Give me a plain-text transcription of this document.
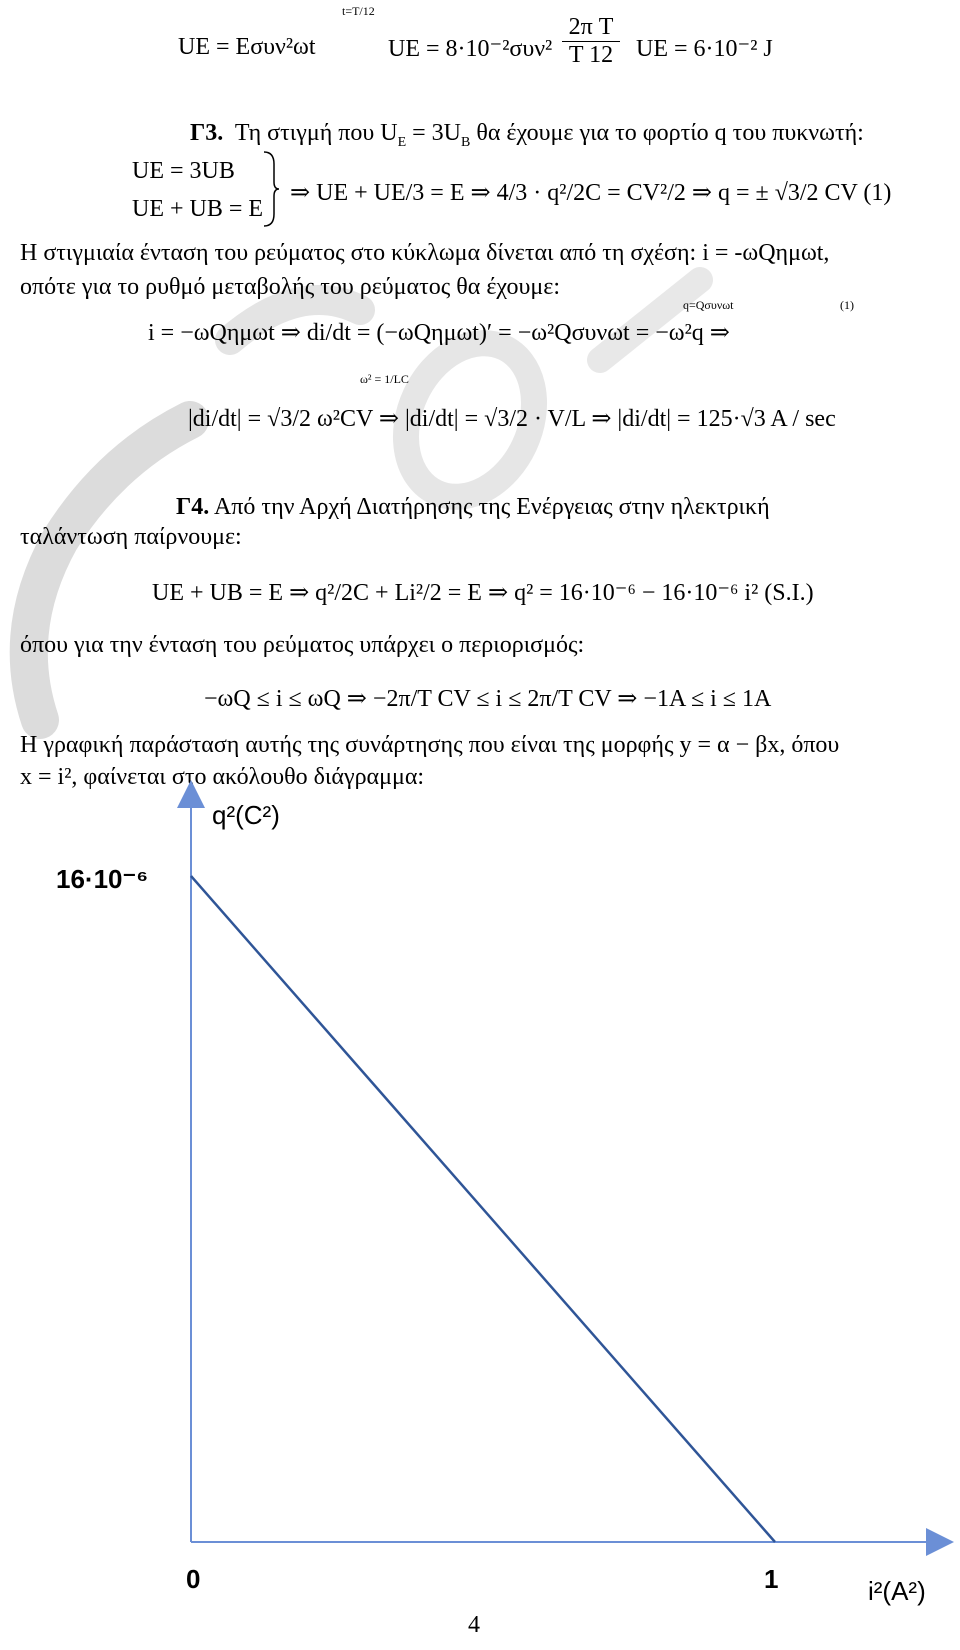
t=T/12
UE = Eσυν²ωt	UE = $8\cdot 10^{-2}\sigma\upsilon\nu^2 \frac{\text{2π T}}{T 12}$ UE = 6·10⁻² J
Γ3. Τη στιγμή που $U_E = 3U_B$ θα έχουμε για το φορτίο q του πυκνωτή:
UE = 3UB
UE + UB = E
⇒ UE + UE/3 = E ⇒ 4/3 · q²/2C = CV²/2 ⇒ q = ± √3/2 CV (1)
Η στιγμιαία ένταση του ρεύματος στο κύκλωμα δίνεται από τη σχέση: i = -ωQημωt,
οπότε για το ρυθμό μεταβολής του ρεύματος θα έχουμε:
q=Qσυνωt	(1)
i = −ωQημωt ⇒ di/dt = (−ωQημωt)′ = −ω²Qσυνωt = −ω²q ⇒
ω² = 1/LC
|di/dt| = √3/2 ω²CV ⇒ |di/dt| = √3/2 · V/L ⇒ |di/dt| = 125·√3 A / sec
Γ4. Από την Αρχή Διατήρησης της Ενέργειας στην ηλεκτρική
ταλάντωση παίρνουμε:
UE + UB = E ⇒ q²/2C + Li²/2 = E ⇒ q² = 16·10⁻⁶ − 16·10⁻⁶ i² (S.I.)
όπου για την ένταση του ρεύματος υπάρχει ο περιορισμός:
−ωQ ≤ i ≤ ωQ ⇒ −2π/T CV ≤ i ≤ 2π/T CV ⇒ −1A ≤ i ≤ 1A
Η γραφική παράσταση αυτής της συνάρτησης που είναι της μορφής y = α − βx, όπου
x = i², φαίνεται στο ακόλουθο διάγραμμα:
q²(C²)
16·10⁻⁶
0	1	i²(A²)
4
